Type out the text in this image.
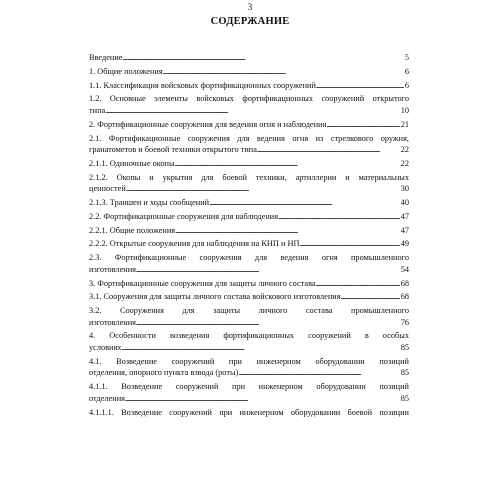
3
СОДЕРЖАНИЕ
Введение . . .	5
1. Общие положения . . .	6
1.1. Классификация войсковых фортификационных сооружений . . .	6
1.2. Основные элементы войсковых фортификационных сооружений открытого
типа . . .	10
2. Фортификационные сооружения для ведения огня и наблюдения . . .	21
2.1. Фортификационные сооружения для ведения огня из стрелкового оружия,
гранатометов и боевой техники открытого типа . . .	22
2.1.1. Одиночные окопы . . .	22
2.1.2. Окопы и укрытия для боевой техники, артиллерии и материальных
ценностей . . .	30
2.1.3. Траншеи и ходы сообщений . . .	40
2.2. Фортификационные сооружения для наблюдения . . .	47
2.2.1. Общие положения . . .	47
2.2.2. Открытые сооружения для наблюдения на КНП и НП . . .	49
2.3. Фортификационные сооружения для ведения огня промышленного
изготовления . . .	54
3. Фортификационные сооружения для защиты личного состава . . .	68
3.1. Сооружения для защиты личного состава войскового изготовления . . .	68
3.2. Сооружения для защиты личного состава промышленного
изготовления . . .	76
4. Особенности возведения фортификационных сооружений в особых
условиях . . .	85
4.1. Возведение сооружений при инженерном оборудовании позиций
отделения, опорного пункта взвода (роты) . . .	85
4.1.1. Возведение сооружений при инженерном оборудовании позиций
отделения . . .	85
4.1.1.1. Возведение сооружений при инженерном оборудовании боевой позиции
